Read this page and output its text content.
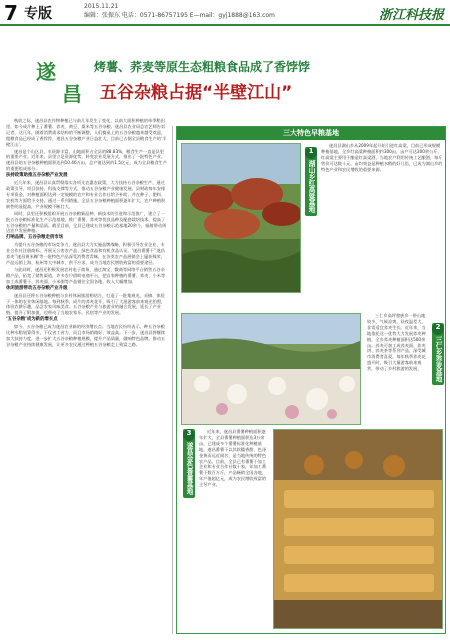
7 专版	2015.11.21
编辑：张振东 电话：0571-86757195 E—mail：gyj1888@163.com	浙江科技报
遂
昌
烤薯、荞麦等原生态粗粮食品成了香饽饽
五谷杂粮占据“半壁江山”

秋收之际，遂昌县农作物种植已与前几年发生了变化，以前大面积种植的单季稻田里，如今成片种上了番薯、荞麦、黄豆、粟米等五谷杂粮。遂昌县农业局总农艺师告诉记者，这几年，随着消费需求结构的不断调整，人们餐桌上的五谷杂粮越来越受欢迎，粗粮食品已经成了香饽饽，遂昌五谷杂粮产业日益壮大，目前已占据全县粮食生产的‘半壁江山’。

遂昌是个山区县，水资源丰富，山地面积占全县的88.83%，粮食生产一直是县里的重要产业。近年来，县里立足资源优势，转变农业发展方式，推出了一批特色产业。遂昌县的五谷杂粮种植面积达到10.46万亩，总产值达到约1.5亿元，成为全县粮食生产的重要组成部分。

扶持政策助推五谷杂粮产业发展

近几年来，遂昌县认真贯彻落实各项支农惠农政策，大力扶持五谷杂粮生产，通过政策引导、项目扶持、科技支撑等方式，推动五谷杂粮产业健康发展。县财政每年安排专项资金，对种植面积达到一定规模的农户和专业合作社给予补助，并在种子、肥料、农机等方面给予支持。通过一系列措施，全县五谷杂粮种植面积逐年扩大，农户种植积极性明显提高，产业规模不断壮大。

同时，县里还积极组织开展五谷杂粮新品种、新技术的引进和示范推广，建立了一批五谷杂粮标准化生产示范基地，推广番薯、荞麦等优良品种及配套栽培技术，提高了五谷杂粮的产量和品质。截至目前，全县已建成五谷杂粮示范基地20余个，辐射带动周边农户发展种植。

打响品牌，五谷杂粮走俏市场

为提升五谷杂粮的市场竞争力，遂昌县大力实施品牌战略，积极引导农业企业、专业合作社注册商标，开展无公害农产品、绿色食品和有机食品认证。‘遂昌番薯干’‘遂昌荞麦’‘遂昌黄米粿’等一批特色产品深受消费者青睐，在各类农产品展销会上屡获殊荣，产品远销上海、杭州等大中城市，供不应求，成为当地农民增收致富的重要途径。

与此同时，遂昌还积极发展农村电子商务，通过淘宝、微商等网络平台销售五谷杂粮产品，拓宽了销售渠道。许多农户借助电商平台，把自家种植的番薯、荞麦、小米等加工成番薯干、荞麦面、小米粥等产品销往全国各地，收入大幅增加。

休闲旅游带动五谷杂粮产业升级

遂昌县还将五谷杂粮种植与乡村休闲旅游相结合，打造了一批集观光、采摘、体验于一体的农业休闲基地。每到秋季，成片的荞麦花开，吸引了大批游客前来观光拍照，体验农耕乐趣，品尝农家风味美食。五谷杂粮产业与旅游业的融合发展，延长了产业链，提升了附加值，也带动了当地农家乐、民宿等产业的发展。

‘五谷杂粮’成为新的增长点

如今，五谷杂粮已成为遂昌农业新的经济增长点。当地农民纷纷表示，种五谷杂粮比种水稻划算得多，不仅省工省力，而且市场销路好、效益高。下一步，遂昌县将继续加大扶持力度，进一步扩大五谷杂粮种植规模，提升产品质量，做响特色品牌，推动五谷杂粮产业持续健康发展，让更多农民通过种植五谷杂粮走上致富之路。

三大特色早粮基地
1
湖山乡红高粱基地
遂昌县湖山乡从2009年起开始引进红高粱，目前已形成规模种植基地，全乡红高粱种植面积约300亩，亩产可达300余公斤。红高粱主要用于酿造红高粱酒，当地农户利用传统工艺酿酒，每斤售价可达数十元，亩均效益是种植水稻的好几倍，已成为湖山乡的特色产业和农民增收的重要来源。
三仁乡高坪畲族乡一带山地较多，气候凉爽，昼夜温差大，非常适宜荞麦生长。近年来，当地依托这一优势大力发展荞麦种植，全乡荞麦种植面积达500余亩。荞麦可加工成荞麦面、荞麦饼、荞麦茶等系列产品，深受城市消费者喜爱。每年秋季荞麦花盛开时，吸引大量游客前来观赏，带动了乡村旅游的发展。
2
三仁乡荞麦基地
3
遂昌金色番薯基地
近年来，遂昌县番薯种植面积逐年扩大，全县番薯种植面积达3万余亩，已建成多个番薯标准化种植基地。遂昌番薯干以其软糯香甜、色泽金黄而远近闻名，是当地传统的特色农产品。目前，全县已有番薯干加工企业和专业合作社数十家，年加工番薯干数百万斤，产品畅销全国各地，年产值超亿元，成为农民增收致富的主导产业。
